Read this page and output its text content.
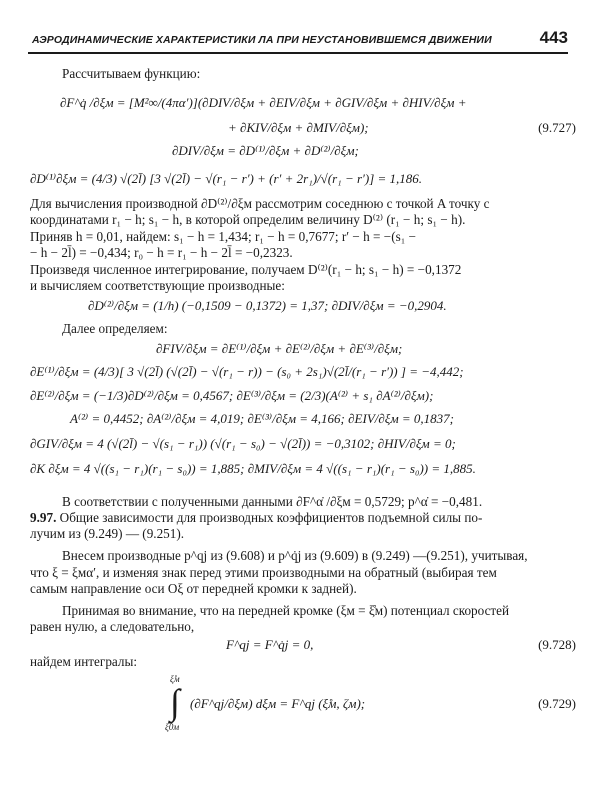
АЭРОДИНАМИЧЕСКИЕ ХАРАКТЕРИСТИКИ ЛА ПРИ НЕУСТАНОВИВШЕМСЯ ДВИЖЕНИИ	443
Рассчитываем функцию:
∂F^q̇ /∂ξм = [M²∞/(4πα′)](∂DIV/∂ξм + ∂EIV/∂ξм + ∂GIV/∂ξм + ∂HIV/∂ξм +
+ ∂KIV/∂ξм + ∂MIV/∂ξм);	(9.727)
∂DIV/∂ξм = ∂D⁽¹⁾/∂ξм + ∂D⁽²⁾/∂ξм;
∂D⁽¹⁾∂ξм = (4/3) √(2l̄) [3 √(2l̄) − √(r₁ − r′) + (r′ + 2r₁)/√(r₁ − r′)] = 1,186.
Для вычисления производной ∂D⁽²⁾/∂ξм рассмотрим соседнюю с точкой A точку с
координатами r₁ − h; s₁ − h, в которой определим величину D⁽²⁾ (r₁ − h; s₁ − h).
Приняв h = 0,01, найдем: s₁ − h = 1,434; r₁ − h = 0,7677; r′ − h = −(s₁ −
− h − 2l̄) = −0,434; r₀ − h = r₁ − h − 2l̄ = −0,2323.
Произведя численное интегрирование, получаем D⁽²⁾(r₁ − h; s₁ − h) = −0,1372
и вычисляем соответствующие производные:
∂D⁽²⁾/∂ξм = (1/h) (−0,1509 − 0,1372) = 1,37; ∂DIV/∂ξм = −0,2904.
Далее определяем:
∂FIV/∂ξм = ∂E⁽¹⁾/∂ξм + ∂E⁽²⁾/∂ξм + ∂E⁽³⁾/∂ξм;
∂E⁽¹⁾/∂ξм = (4/3)[ 3 √(2l̄) (√(2l̄) − √(r₁ − r)) − (s₀ + 2s₁)√(2l̄/(r₁ − r′)) ] = −4,442;
∂E⁽²⁾/∂ξм = (−1/3)∂D⁽²⁾/∂ξм = 0,4567; ∂E⁽³⁾/∂ξм = (2/3)(A⁽²⁾ + s₁ ∂A⁽²⁾/∂ξм);
A⁽²⁾ = 0,4452; ∂A⁽²⁾/∂ξм = 4,019; ∂E⁽³⁾/∂ξм = 4,166; ∂EIV/∂ξм = 0,1837;
∂GIV/∂ξм = 4 (√(2l̄) − √(s₁ − r₁)) (√(r₁ − s₀) − √(2l̄)) = −0,3102; ∂HIV/∂ξм = 0;
∂K ∂ξм = 4 √((s₁ − r₁)(r₁ − s₀)) = 1,885; ∂MIV/∂ξм = 4 √((s₁ − r₁)(r₁ − s₀)) = 1,885.
В соответствии с полученными данными ∂F^α̇ /∂ξм = 0,5729; p^α̇ = −0,481.
9.97. Общие зависимости для производных коэффициентов подъемной силы по-
лучим из (9.249) — (9.251).
Внесем производные p^qj из (9.608) и p^q̇j из (9.609) в (9.249) —(9.251), учитывая,
что ξ = ξмα′, и изменяя знак перед этими производными на обратный (выбирая тем
самым направление оси Oξ от передней кромки к задней).
Принимая во внимание, что на передней кромке (ξм = ξ̊м) потенциал скоростей
равен нулю, а следовательно,
F^qj = F^q̇j = 0,	(9.728)
найдем интегралы:
ξ̊м
∫
ξ0м
(∂F^qj/∂ξм) dξм = F^qj (ξ̊м, ζм);	(9.729)
